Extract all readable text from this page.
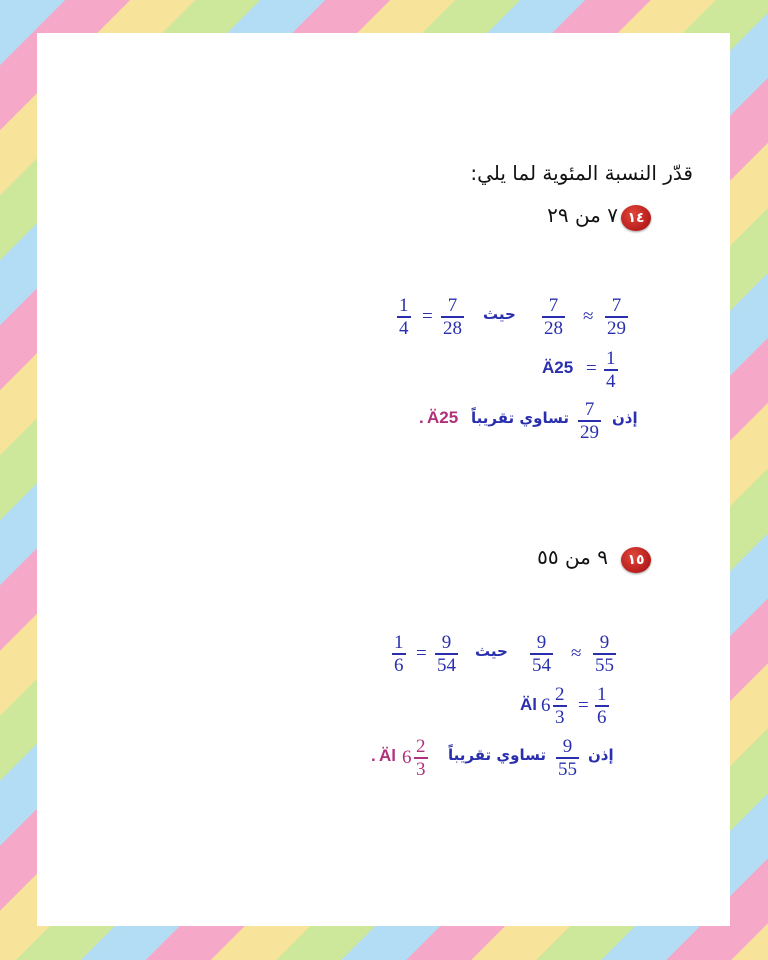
قدّر النسبة المئوية لما يلي:
١٤
٧ من ٢٩
7
29
≈
7
28
حيث
7
28
=
1
4
1
4
=
Ä25
إذن
7
29
تساوي تقريباً
Ä25
.
١٥
٩ من ٥٥
9
55
≈
9
54
حيث
9
54
=
1
6
1
6
=
2
3
6
Äl
إذن
9
55
تساوي تقريباً
2
3
6
Äl
.
